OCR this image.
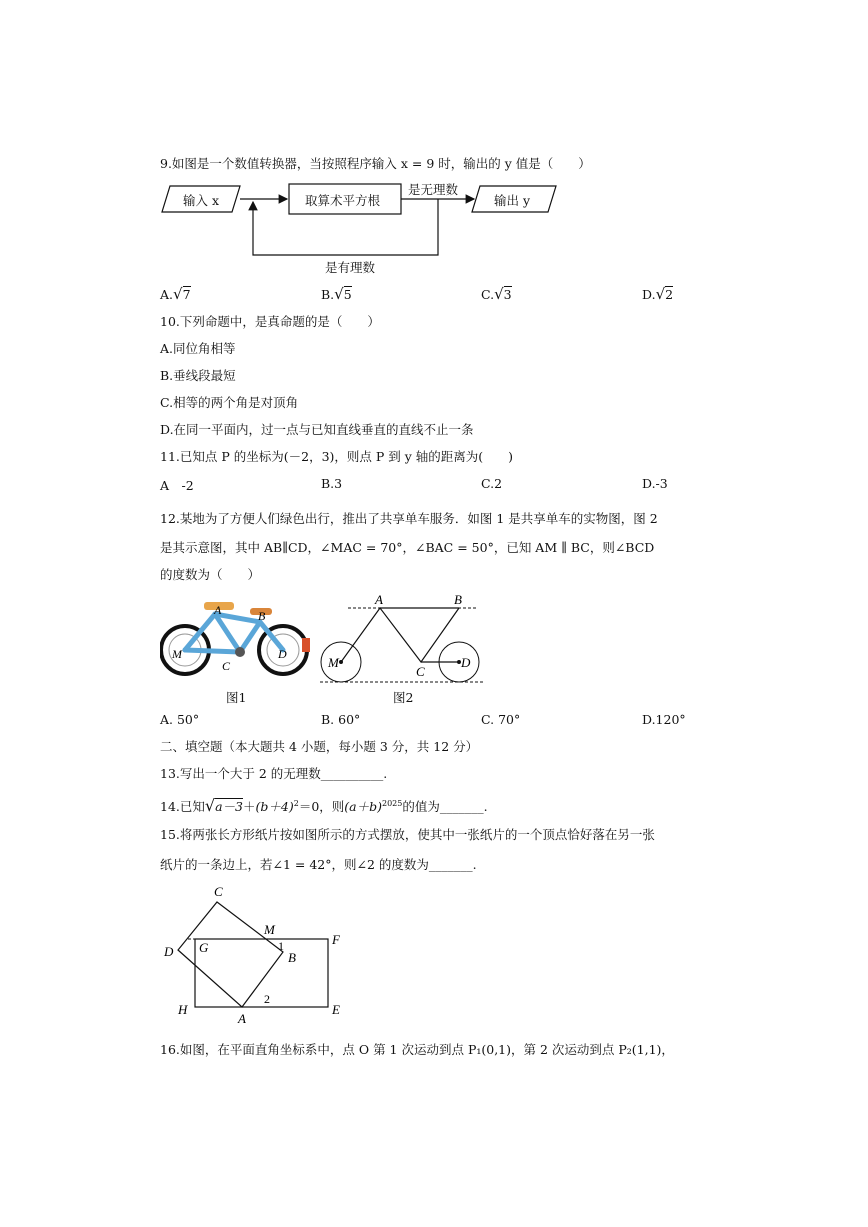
9.如图是一个数值转换器，当按照程序输入 x = 9 时，输出的 y 值是（　　）
输入 x	取算术平方根
是无理数
输出 y
是有理数
A.√7	B.√5	C.√3	D.√2
10.下列命题中，是真命题的是（　　）
A.同位角相等
B.垂线段最短
C.相等的两个角是对顶角
D.在同一平面内，过一点与已知直线垂直的直线不止一条
11.已知点 P 的坐标为(－2，3)，则点 P 到 y 轴的距离为(　　)
A　-2	B.3	C.2	D.-3
12.某地为了方便人们绿色出行，推出了共享单车服务．如图 1 是共享单车的实物图，图 2
是其示意图，其中 AB∥CD，∠MAC = 70°，∠BAC = 50°，已知 AM ∥ BC，则∠BCD
的度数为（　　）
A	B
C
D
M
图1
A	B
C
D
M
图2
A. 50°	B. 60°	C. 70°	D.120°
二、填空题（本大题共 4 小题，每小题 3 分，共 12 分）
13.写出一个大于 2 的无理数__________.
14.已知$√a-3+(b+4)^2=0$，则$(a+b)^{2025}$的值为_______.
15.将两张长方形纸片按如图所示的方式摆放，使其中一张纸片的一个顶点恰好落在另一张
纸片的一条边上，若∠1 = 42°，则∠2 的度数为_______.
C
M
F
D G	1
B
H
2
E
A
16.如图，在平面直角坐标系中，点 O 第 1 次运动到点 P₁(0,1)，第 2 次运动到点 P₂(1,1)，
